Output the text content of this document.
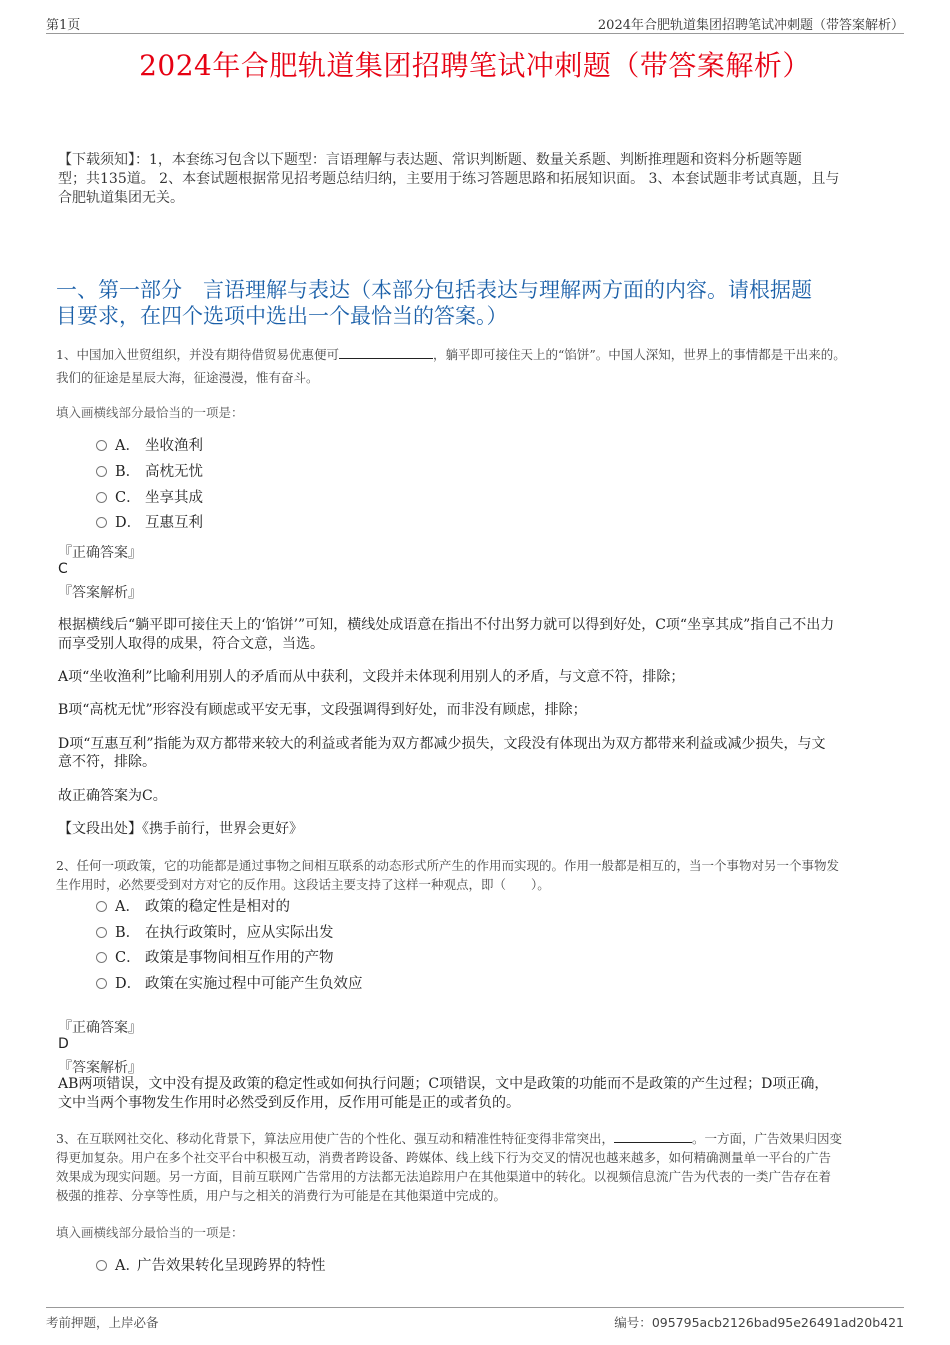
第1页	2024年合肥轨道集团招聘笔试冲刺题（带答案解析）
2024年合肥轨道集团招聘笔试冲刺题（带答案解析）
【下载须知】：1，本套练习包含以下题型：言语理解与表达题、常识判断题、数量关系题、判断推理题和资料分析题等题
型；共135道。 2、本套试题根据常见招考题总结归纳，主要用于练习答题思路和拓展知识面。 3、本套试题非考试真题，且与
合肥轨道集团无关。
一、第一部分　言语理解与表达（本部分包括表达与理解两方面的内容。请根据题
目要求，在四个选项中选出一个最恰当的答案。）
1、中国加入世贸组织，并没有期待借贸易优惠便可	，躺平即可接住天上的“馅饼”。中国人深知，世界上的事情都是干出来的。
我们的征途是星辰大海，征途漫漫，惟有奋斗。
填入画横线部分最恰当的一项是：
A． 坐收渔利
B． 高枕无忧
C． 坐享其成
D． 互惠互利
『正确答案』
C
『答案解析』
根据横线后“躺平即可接住天上的‘馅饼’”可知，横线处成语意在指出不付出努力就可以得到好处，C项“坐享其成”指自己不出力
而享受别人取得的成果，符合文意，当选。
A项“坐收渔利”比喻利用别人的矛盾而从中获利，文段并未体现利用别人的矛盾，与文意不符，排除；
B项“高枕无忧”形容没有顾虑或平安无事，文段强调得到好处，而非没有顾虑，排除；
D项“互惠互利”指能为双方都带来较大的利益或者能为双方都减少损失，文段没有体现出为双方都带来利益或减少损失，与文
意不符，排除。
故正确答案为C。
【文段出处】《携手前行，世界会更好》
2、任何一项政策，它的功能都是通过事物之间相互联系的动态形式所产生的作用而实现的。作用一般都是相互的，当一个事物对另一个事物发
生作用时，必然要受到对方对它的反作用。这段话主要支持了这样一种观点，即（　　）。
A． 政策的稳定性是相对的
B． 在执行政策时，应从实际出发
C． 政策是事物间相互作用的产物
D． 政策在实施过程中可能产生负效应
『正确答案』
D
『答案解析』
AB两项错误，文中没有提及政策的稳定性或如何执行问题；C项错误，文中是政策的功能而不是政策的产生过程；D项正确，
文中当两个事物发生作用时必然受到反作用，反作用可能是正的或者负的。
3、在互联网社交化、移动化背景下，算法应用使广告的个性化、强互动和精准性特征变得非常突出，	。一方面，广告效果归因变
得更加复杂。用户在多个社交平台中积极互动，消费者跨设备、跨媒体、线上线下行为交叉的情况也越来越多，如何精确测量单一平台的广告
效果成为现实问题。另一方面，目前互联网广告常用的方法都无法追踪用户在其他渠道中的转化。以视频信息流广告为代表的一类广告存在着
极强的推荐、分享等性质，用户与之相关的消费行为可能是在其他渠道中完成的。
填入画横线部分最恰当的一项是：
A．广告效果转化呈现跨界的特性
考前押题，上岸必备	编号：095795acb2126bad95e26491ad20b421
